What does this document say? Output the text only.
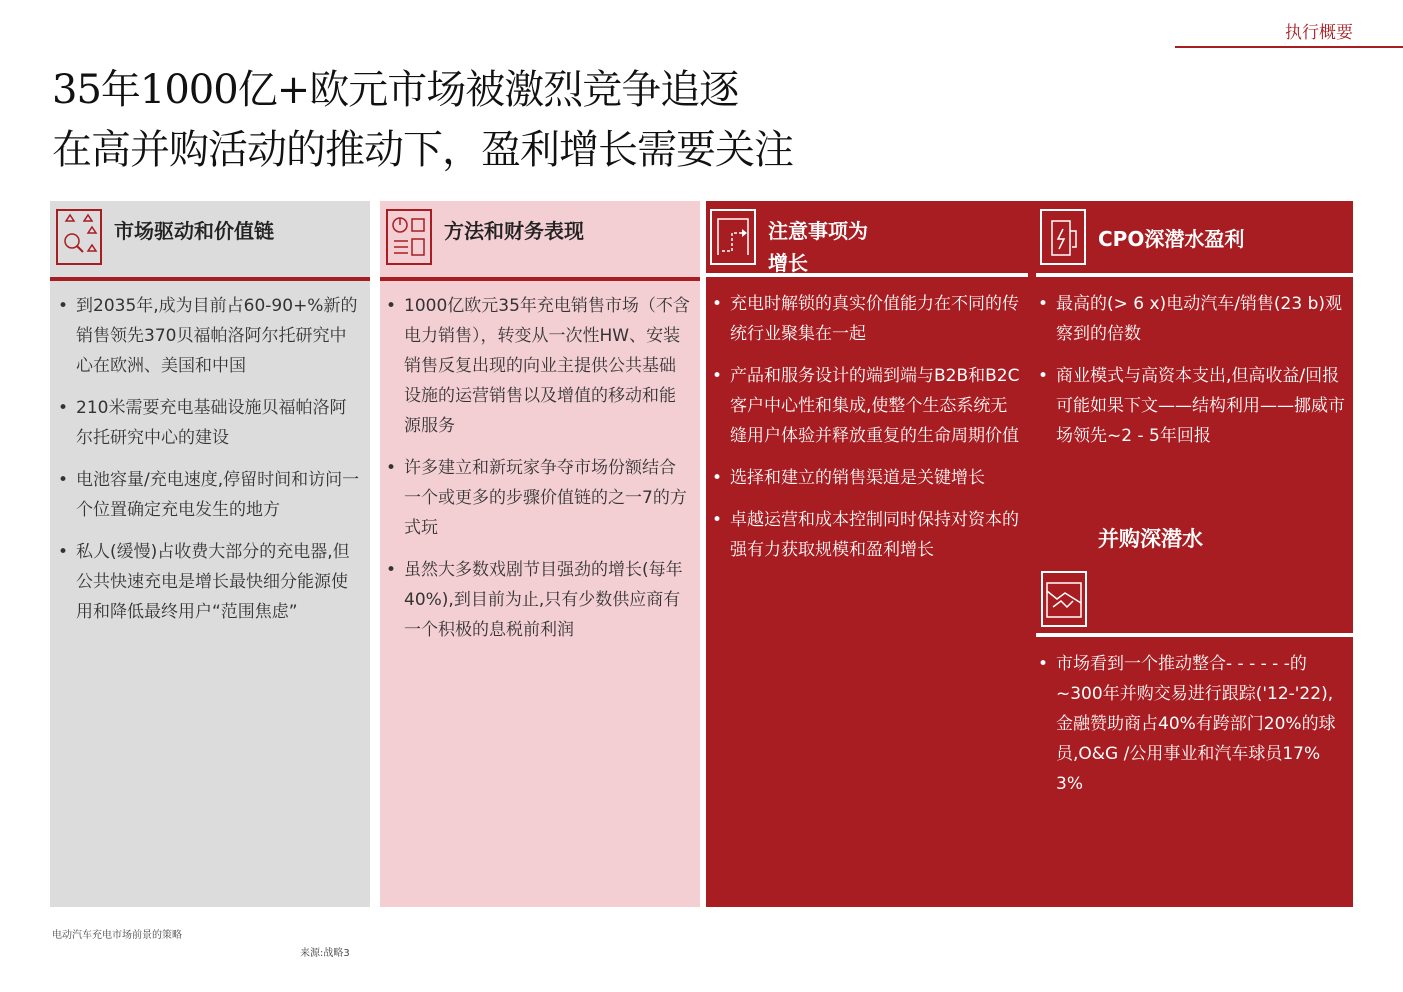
执行概要
35年1000亿+欧元市场被激烈竞争追逐
在高并购活动的推动下，盈利增长需要关注
市场驱动和价值链
• 到2035年,成为目前占60-90+%新的销售领先370贝福帕洛阿尔托研究中心在欧洲、美国和中国
• 210米需要充电基础设施贝福帕洛阿尔托研究中心的建设
• 电池容量/充电速度,停留时间和访问一个位置确定充电发生的地方
• 私人(缓慢)占收费大部分的充电器,但公共快速充电是增长最快细分能源使用和降低最终用户“范围焦虑”
方法和财务表现
• 1000亿欧元35年充电销售市场（不含电力销售），转变从一次性HW、安装销售反复出现的向业主提供公共基础设施的运营销售以及增值的移动和能源服务
• 许多建立和新玩家争夺市场份额结合一个或更多的步骤价值链的之一7的方式玩
• 虽然大多数戏剧节目强劲的增长(每年40%),到目前为止,只有少数供应商有一个积极的息税前利润
注意事项为
增长
CPO深潜水盈利
• 充电时解锁的真实价值能力在不同的传统行业聚集在一起
• 产品和服务设计的端到端与B2B和B2C客户中心性和集成,使整个生态系统无缝用户体验并释放重复的生命周期价值
• 选择和建立的销售渠道是关键增长
• 卓越运营和成本控制同时保持对资本的强有力获取规模和盈利增长
• 最高的(> 6 x)电动汽车/销售(23 b)观察到的倍数
• 商业模式与高资本支出,但高收益/回报可能如果下文——结构利用——挪威市场领先~2 - 5年回报
并购深潜水
• 市场看到一个推动整合- - - - - -的~300年并购交易进行跟踪('12-'22),金融赞助商占40%有跨部门20%的球员,O&G /公用事业和汽车球员17% 3%
电动汽车充电市场前景的策略
来源:战略3
